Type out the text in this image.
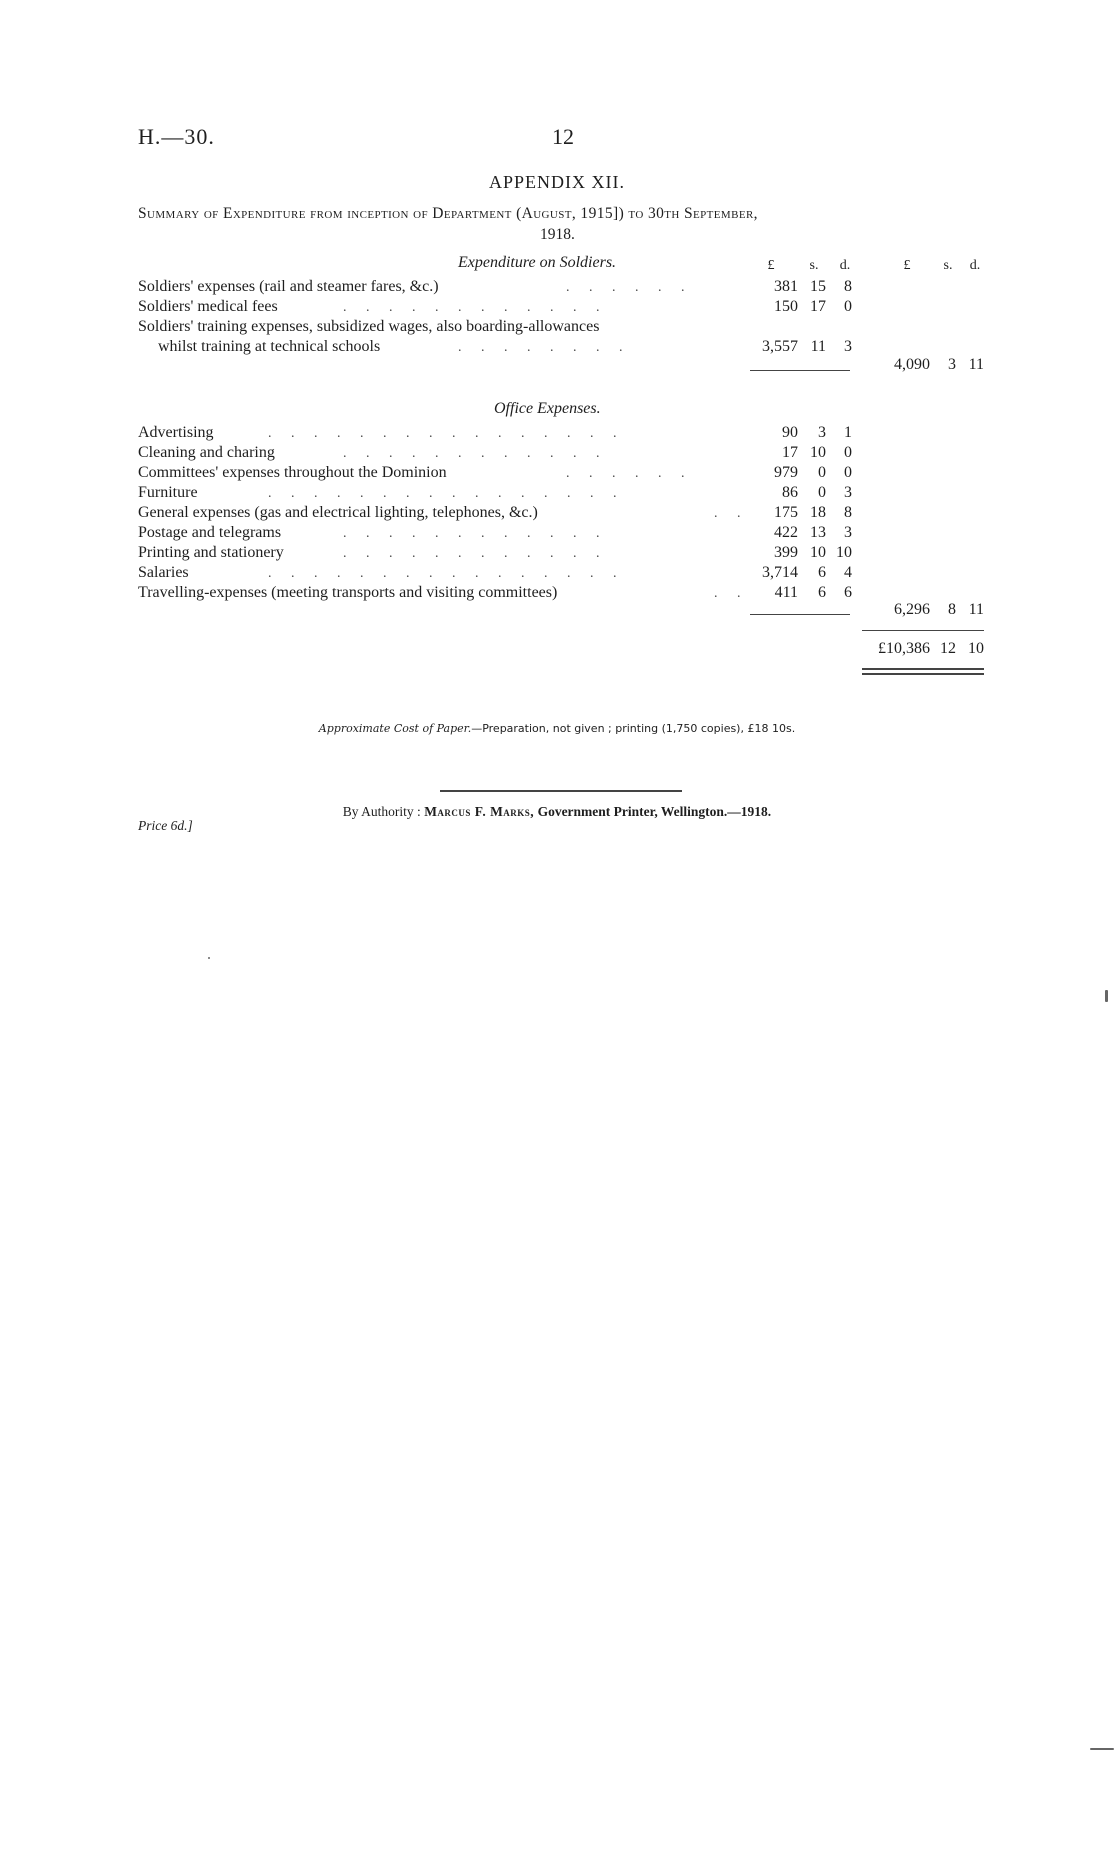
H.—30.	12
APPENDIX XII.
Summary of Expenditure from inception of Department (August, 1915]) to 30th September,
1918.
Expenditure on Soldiers.	£	s.	d.	£	s.	d.
Soldiers' expenses (rail and steamer fares, &c.)	. . . . . .	381 15	8
Soldiers' medical fees	. . . . . . . . . . . .	150 17	0
Soldiers' training expenses, subsidized wages, also boarding-allowances
whilst training at technical schools	. . . . . . . .	3,557 11	3
4,090	3 11
Office Expenses.
Advertising	. . . . . . . . . . . . . . . .	90	3	1
Cleaning and charing	. . . . . . . . . . . .	17 10	0
Committees' expenses throughout the Dominion	. . . . . .	979	0	0
Furniture	. . . . . . . . . . . . . . . .	86	0	3
General expenses (gas and electrical lighting, telephones, &c.)	. .	175 18	8
Postage and telegrams	. . . . . . . . . . . .	422 13	3
Printing and stationery	. . . . . . . . . . . .	399 10 10
Salaries	. . . . . . . . . . . . . . . .	3,714	6	4
Travelling-expenses (meeting transports and visiting committees)	. .	411	6	6
6,296	8 11
£10,386 12 10
Approximate Cost of Paper.—Preparation, not given ; printing (1,750 copies), £18 10s.
By Authority : Marcus F. Marks, Government Printer, Wellington.—1918.
Price 6d.]
